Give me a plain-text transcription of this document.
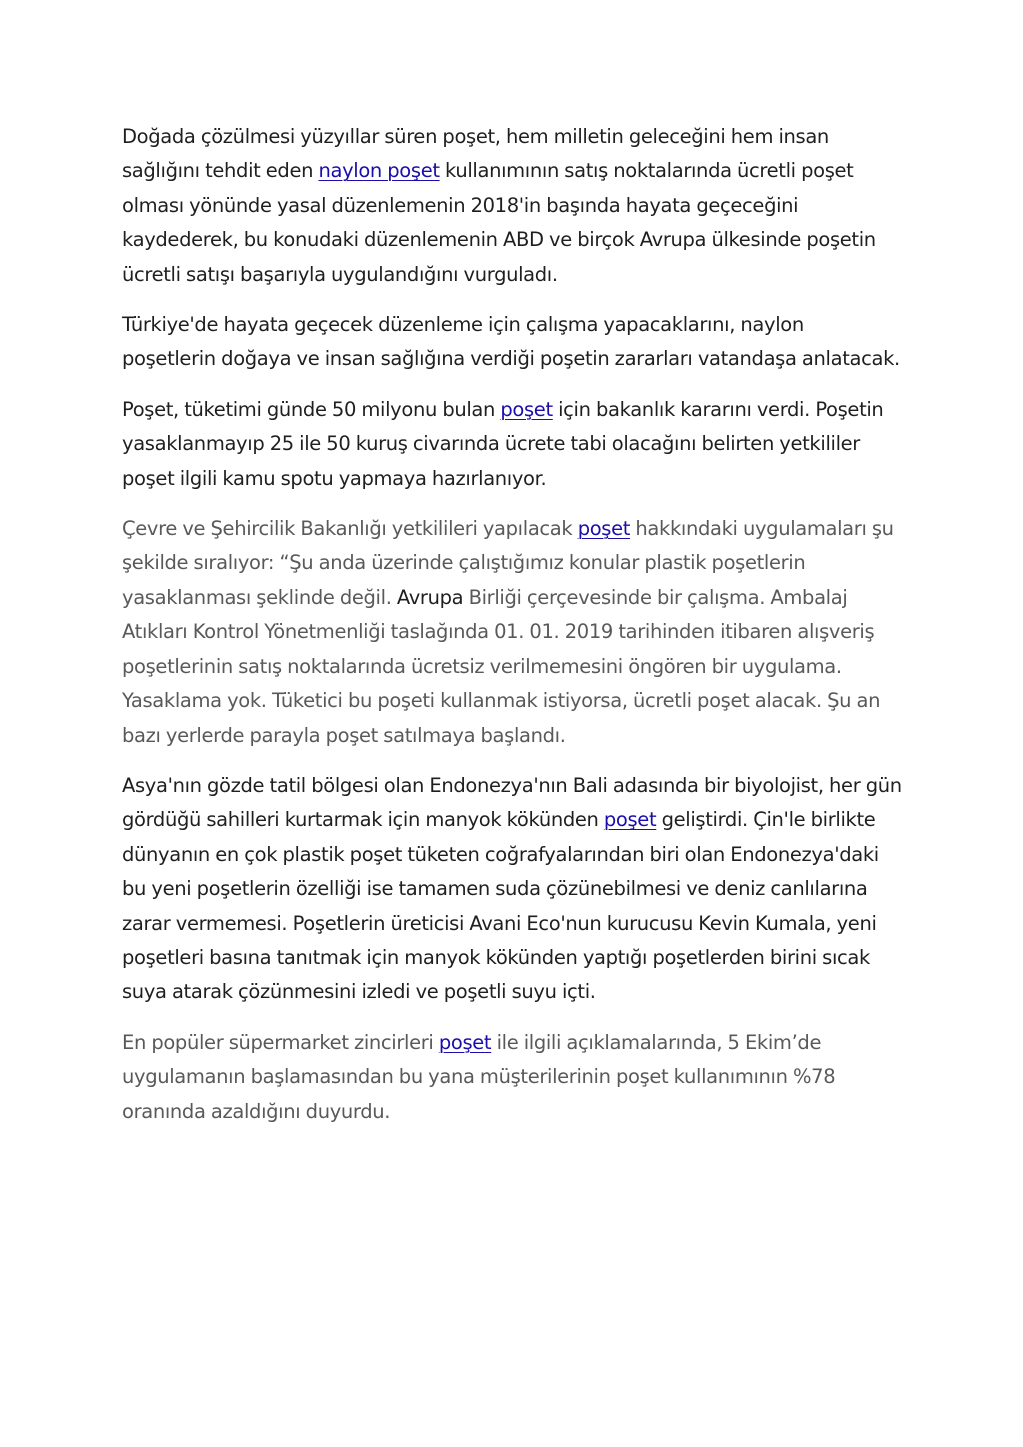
Doğada çözülmesi yüzyıllar süren poşet, hem milletin geleceğini hem insan sağlığını tehdit eden naylon poşet kullanımının satış noktalarında ücretli poşet olması yönünde yasal düzenlemenin 2018'in başında hayata geçeceğini kaydederek, bu konudaki düzenlemenin ABD ve birçok Avrupa ülkesinde poşetin ücretli satışı başarıyla uygulandığını vurguladı.

Türkiye'de hayata geçecek düzenleme için çalışma yapacaklarını, naylon poşetlerin doğaya ve insan sağlığına verdiği poşetin zararları vatandaşa anlatacak.

Poşet, tüketimi günde 50 milyonu bulan poşet için bakanlık kararını verdi. Poşetin yasaklanmayıp 25 ile 50 kuruş civarında ücrete tabi olacağını belirten yetkililer poşet ilgili kamu spotu yapmaya hazırlanıyor.

Çevre ve Şehircilik Bakanlığı yetkilileri yapılacak poşet hakkındaki uygulamaları şu şekilde sıralıyor: “Şu anda üzerinde çalıştığımız konular plastik poşetlerin yasaklanması şeklinde değil. Avrupa Birliği çerçevesinde bir çalışma. Ambalaj Atıkları Kontrol Yönetmenliği taslağında 01. 01. 2019 tarihinden itibaren alışveriş poşetlerinin satış noktalarında ücretsiz verilmemesini öngören bir uygulama. Yasaklama yok. Tüketici bu poşeti kullanmak istiyorsa, ücretli poşet alacak. Şu an bazı yerlerde parayla poşet satılmaya başlandı.

Asya'nın gözde tatil bölgesi olan Endonezya'nın Bali adasında bir biyolojist, her gün gördüğü sahilleri kurtarmak için manyok kökünden poşet geliştirdi. Çin'le birlikte dünyanın en çok plastik poşet tüketen coğrafyalarından biri olan Endonezya'daki bu yeni poşetlerin özelliği ise tamamen suda çözünebilmesi ve deniz canlılarına zarar vermemesi. Poşetlerin üreticisi Avani Eco'nun kurucusu Kevin Kumala, yeni poşetleri basına tanıtmak için manyok kökünden yaptığı poşetlerden birini sıcak suya atarak çözünmesini izledi ve poşetli suyu içti.

En popüler süpermarket zincirleri poşet ile ilgili açıklamalarında, 5 Ekim’de uygulamanın başlamasından bu yana müşterilerinin poşet kullanımının %78 oranında azaldığını duyurdu.
